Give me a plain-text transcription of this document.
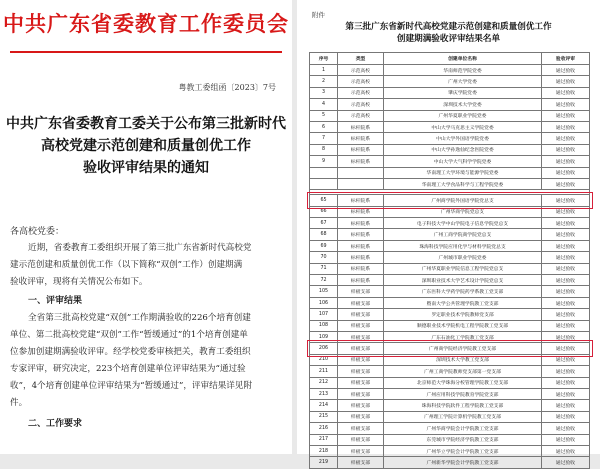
中共广东省委教育工作委员会
粤教工委组函〔2023〕7号
中共广东省委教育工委关于公布第三批新时代
高校党建示范创建和质量创优工作
验收评审结果的通知
各高校党委：
近期，省委教育工委组织开展了第三批广东省新时代高校党
建示范创建和质量创优工作（以下简称“双创”工作）创建期满
验收评审，现将有关情况公布如下。
一、评审结果
全省第三批高校党建“双创”工作期满验收的226个培育创建
单位、第二批高校党建“双创”工作“暂缓通过”的1个培育创建单
位参加创建期满验收评审。经学校党委审核把关，教育工委组织
专家评审，研究决定，223个培育创建单位评审结果为“通过验
收”，4个培育创建单位评审结果为“暂缓通过”，评审结果详见附
件。
二、工作要求
附件
第三批广东省新时代高校党建示范创建和质量创优工作
创建期满验收评审结果名单
序号	类型	创建单位名称	验收评审
1	示范高校	华南师范学院党委	通过验收
2	示范高校	广州大学党委	通过验收
3	示范高校	肇庆学院党委	通过验收
4	示范高校	深圳技术大学党委	通过验收
5	示范高校	广州华夏职业学院党委	通过验收
6	标杆院系	中山大学马克思主义学院党委	通过验收
7	标杆院系	中山大学外国语学院党委	通过验收
8	标杆院系	中山大学孙逸仙纪念医院党委	通过验收
9	标杆院系	中山大学大气科学学院党委	通过验收
		华南理工大学环境与能源学院党委	通过验收
		华南理工大学食品科学与工程学院党委	通过验收

65	标杆院系	广州商学院外国语学院党总支	通过验收
66	标杆院系	广州华商学院党总支	通过验收
67	标杆院系	电子科技大学中山学院电子信息学院党总支	通过验收
68	标杆院系	广州工商学院商学院党总支	通过验收
69	标杆院系	珠海科技学院应用化学与材料学院党总支	通过验收
70	标杆院系	广州城市职业学院党委	通过验收
71	标杆院系	广州华夏职业学院信息工程学院党总支	通过验收
72	标杆院系	深圳职业技术大学艺术设计学院党总支	通过验收
105	样板支部	广东医科大学药学院药学系教工党支部	通过验收
106	样板支部	暨南大学公共管理学院教工党支部	通过验收
107	样板支部	罗定职业技术学院教师党支部	通过验收
108	样板支部	顺德职业技术学院机电工程学院教工党支部	通过验收
109	样板支部	广东石油化工学院教工党支部	通过验收
206	样板支部	广州商学院经济学院教工党支部	通过验收
210	样板支部	深圳技术大学教工党支部	通过验收
211	样板支部	广州工商学院教师党支部第一党支部	通过验收
212	样板支部	北京师范大学珠海分校管理学院教工党支部	通过验收
213	样板支部	广州应用科技学院教育学院党支部	通过验收
214	样板支部	珠海科技学院软件工程学院教工党支部	通过验收
215	样板支部	广州理工学院计算机学院教工党支部	通过验收
216	样板支部	广州华商学院会计学院教工党支部	通过验收
217	样板支部	东莞城市学院经济学院教工党支部	通过验收
218	样板支部	广州华立学院会计学院教工党支部	通过验收
219	样板支部	广州新华学院会计学院教工党支部	通过验收
